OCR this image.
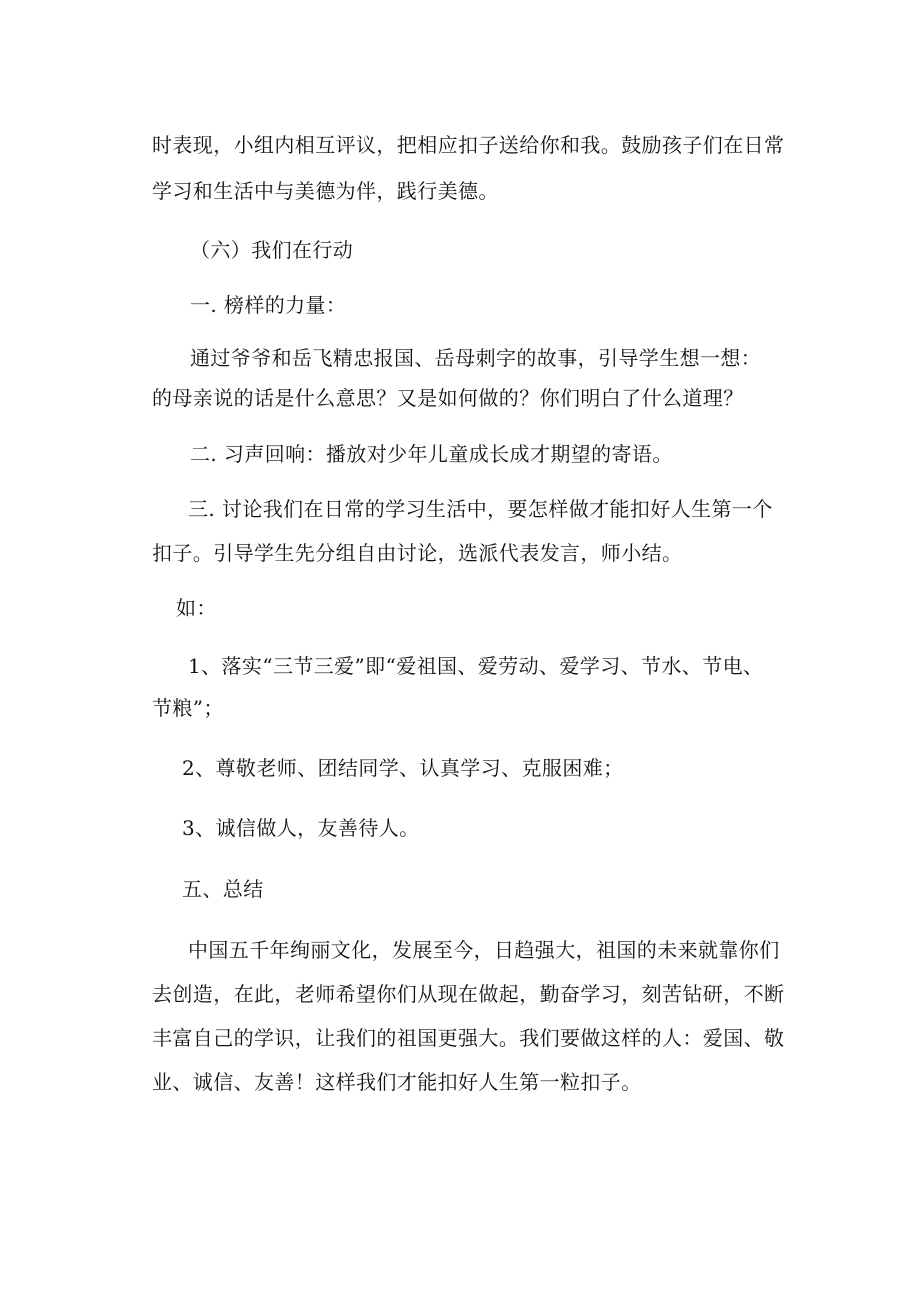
时表现，小组内相互评议，把相应扣子送给你和我。鼓励孩子们在日常
学习和生活中与美德为伴，践行美德。
（六）我们在行动
一. 榜样的力量：
通过爷爷和岳飞精忠报国、岳母刺字的故事，引导学生想一想：
的母亲说的话是什么意思？又是如何做的？你们明白了什么道理？
二. 习声回响：播放对少年儿童成长成才期望的寄语。
三. 讨论我们在日常的学习生活中，要怎样做才能扣好人生第一个
扣子。引导学生先分组自由讨论，选派代表发言，师小结。
如：
1、落实“三节三爱”即“爱祖国、爱劳动、爱学习、节水、节电、
节粮”；
2、尊敬老师、团结同学、认真学习、克服困难；
3、诚信做人，友善待人。
五、总结
中国五千年绚丽文化，发展至今，日趋强大，祖国的未来就靠你们
去创造，在此，老师希望你们从现在做起，勤奋学习，刻苦钻研，不断
丰富自己的学识，让我们的祖国更强大。我们要做这样的人：爱国、敬
业、诚信、友善！这样我们才能扣好人生第一粒扣子。
